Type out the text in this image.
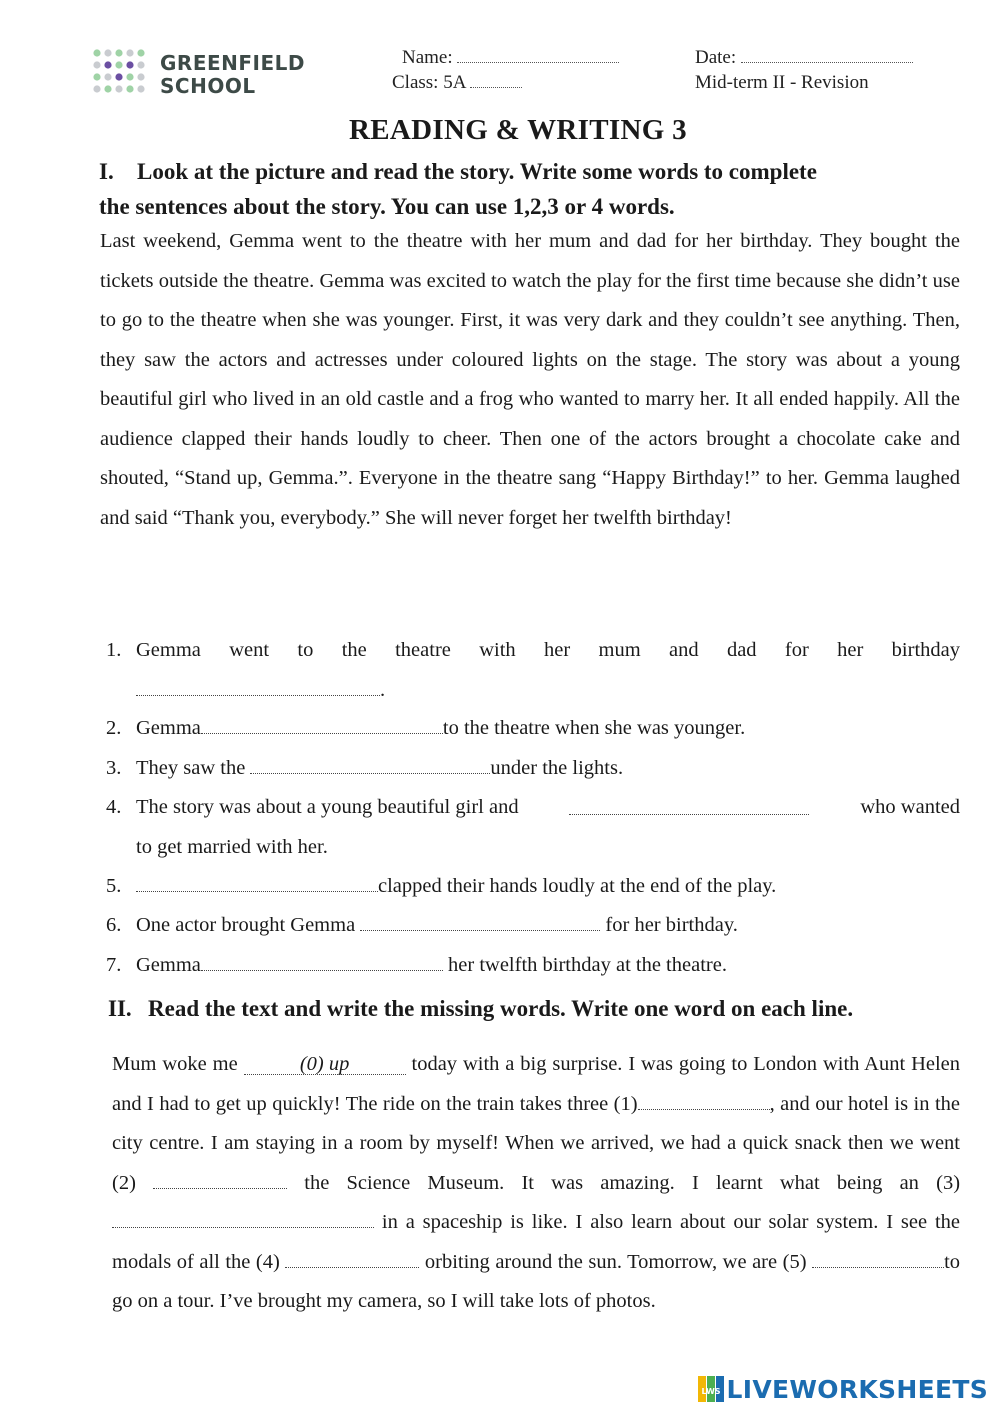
GREENFIELD
SCHOOL
Name:
Class: 5A
Date:
Mid-term II - Revision
READING & WRITING 3
I. Look at the picture and read the story. Write some words to complete
the sentences about the story. You can use 1,2,3 or 4 words.
Last weekend, Gemma went to the theatre with her mum and dad for her birthday. They bought the tickets outside the theatre. Gemma was excited to watch the play for the first time because she didn’t use to go to the theatre when she was younger. First, it was very dark and they couldn’t see anything. Then, they saw the actors and actresses under coloured lights on the stage. The story was about a young beautiful girl who lived in an old castle and a frog who wanted to marry her. It all ended happily. All the audience clapped their hands loudly to cheer. Then one of the actors brought a chocolate cake and shouted, “Stand up, Gemma.”. Everyone in the theatre sang “Happy Birthday!” to her. Gemma laughed and said “Thank you, everybody.” She will never forget her twelfth birthday!
1. Gemma went to the theatre with her mum and dad for her birthday
.
2. Gemma	to the theatre when she was younger.
3. They saw the	under the lights.
4. The story was about a young beautiful girl and	who wanted
to get married with her.
5.	clapped their hands loudly at the end of the play.
6. One actor brought Gemma	for her birthday.
7. Gemma	her twelfth birthday at the theatre.
II. Read the text and write the missing words. Write one word on each line.
Mum woke me	(0) up	today with a big surprise. I was going to London with Aunt Helen and I had to get up quickly! The ride on the train takes three (1)	, and our hotel is in the city centre. I am staying in a room by myself! When we arrived, we had a quick snack then we went (2)	the Science Museum. It was amazing. I learnt what being an (3)  in a spaceship is like. I also learn about our solar system. I see the modals of all the (4)	orbiting around the sun. Tomorrow, we are (5)	to go on a tour. I’ve brought my camera, so I will take lots of photos.
LWS LIVEWORKSHEETS
